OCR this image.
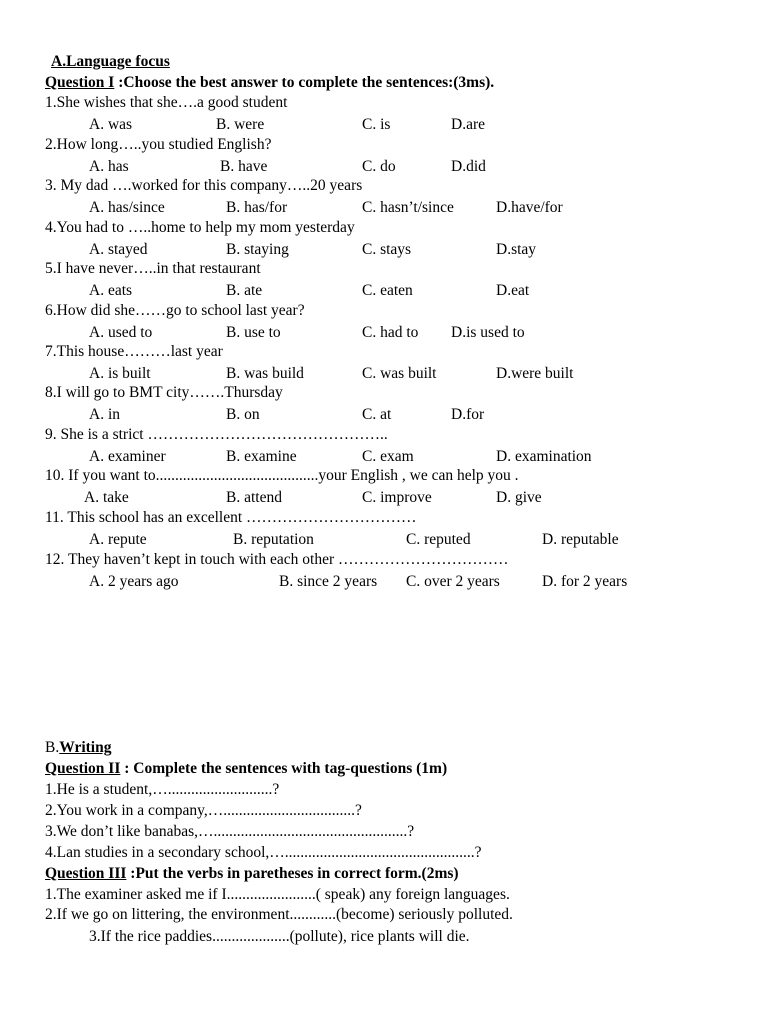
A.Language focus
Question I :Choose the best answer to complete the sentences:(3ms).
1.She wishes that she….a good student
A. was	B. were	C. is	D.are
2.How long…..you studied English?
A. has	B. have	C. do	D.did
3. My dad ….worked for this company…..20 years
A. has/since	B. has/for	C. hasn’t/since	D.have/for
4.You had to …..home to help my mom yesterday
A. stayed	B. staying	C. stays	D.stay
5.I have never…..in that restaurant
A. eats	B. ate	C. eaten	D.eat
6.How did she……go to school last year?
A. used to	B. use to	C. had to D.is used to
7.This house………last year
A. is built	B. was build	C. was built	D.were built
8.I will go to BMT city…….Thursday
A. in	B. on	C. at	D.for
9. She is a strict ………………………………………..
A. examiner	B. examine	C. exam	D. examination
10. If you want to..........................................your English , we can help you .
A. take	B. attend	C. improve	D. give
11. This school has an excellent ……………………………
A. repute	B. reputation	C. reputed	D. reputable
12. They haven’t kept in touch with each other ……………………………
A. 2 years ago	B. since 2 years C. over 2 years	D. for 2 years
B.Writing
Question II : Complete the sentences with tag-questions (1m)
1.He is a student,…...........................?
2.You work in a company,…..................................?
3.We don’t like banabas,…..................................................?
4.Lan studies in a secondary school,….................................................?
Question III :Put the verbs in paretheses in correct form.(2ms)
1.The examiner asked me if I.......................( speak) any foreign languages.
2.If we go on littering, the environment............(become) seriously polluted.
3.If the rice paddies....................(pollute), rice plants will die.
